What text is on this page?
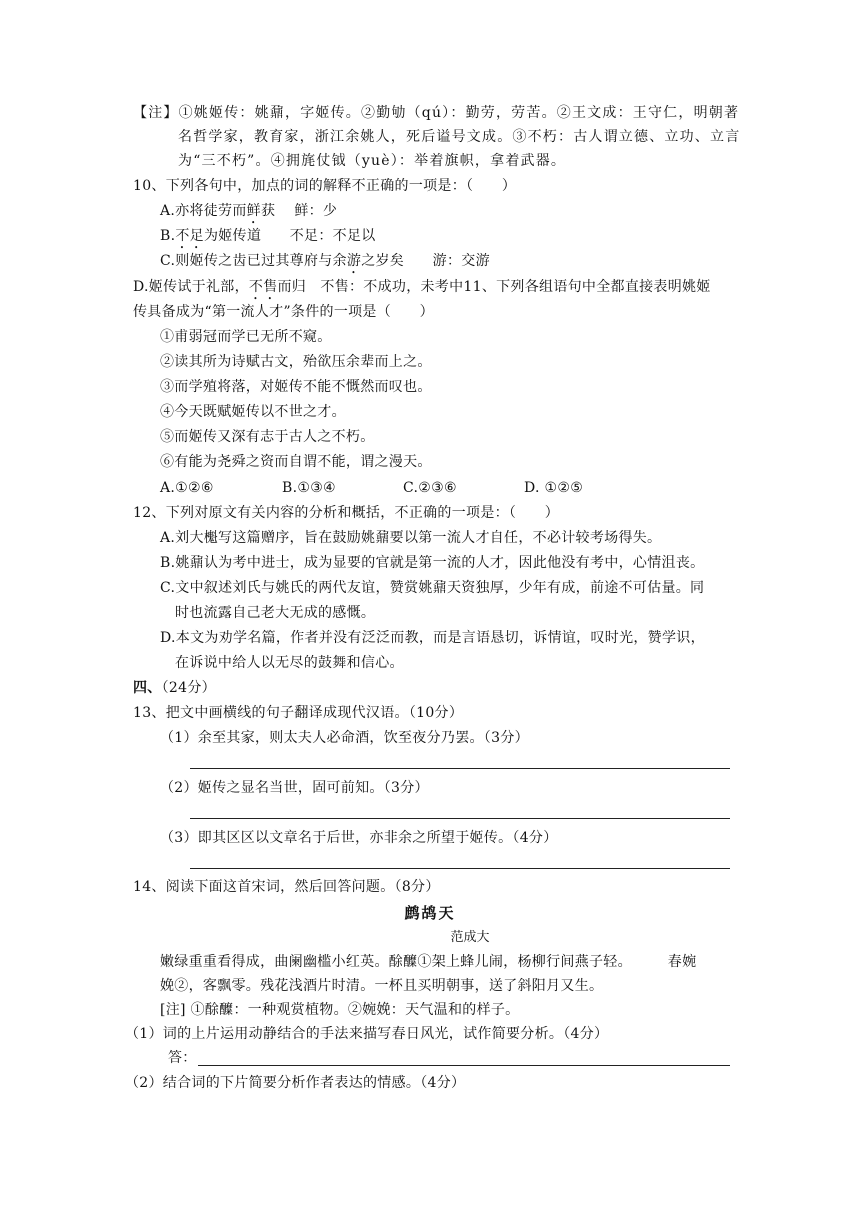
【注】①姚姬传：姚鼐，字姬传。②勤劬（qú）：勤劳，劳苦。②王文成：王守仁，明朝著
名哲学家，教育家，浙江余姚人，死后谥号文成。③不朽：古人谓立德、立功、立言
为“三不朽”。④拥旄仗钺（yuè）：举着旗帜，拿着武器。
10、下列各句中，加点的词的解释不正确的一项是：（　　）
A.亦将徒劳而鲜获　 鲜：少
B.不足为姬传道　　不足：不足以
C.则姬传之齿已过其尊府与余游之岁矣　　游：交游
D.姬传试于礼部，不售而归　不售：不成功，未考中11、下列各组语句中全都直接表明姚姬
传具备成为“第一流人才”条件的一项是（　　）
①甫弱冠而学已无所不窥。
②读其所为诗赋古文，殆欲压余辈而上之。
③而学殖将落，对姬传不能不慨然而叹也。
④今天既赋姬传以不世之才。
⑤而姬传又深有志于古人之不朽。
⑥有能为尧舜之资而自谓不能，谓之漫天。
A.①②⑥	B.①③④	C.②③⑥	D. ①②⑤
12、下列对原文有关内容的分析和概括，不正确的一项是：（　　）
A.刘大櫆写这篇赠序，旨在鼓励姚鼐要以第一流人才自任，不必计较考场得失。
B.姚鼐认为考中进士，成为显要的官就是第一流的人才，因此他没有考中，心情沮丧。
C.文中叙述刘氏与姚氏的两代友谊，赞赏姚鼐天资独厚，少年有成，前途不可估量。同
时也流露自己老大无成的感慨。
D.本文为劝学名篇，作者并没有泛泛而教，而是言语恳切，诉情谊，叹时光，赞学识，
在诉说中给人以无尽的鼓舞和信心。
四、（24分）
13、把文中画横线的句子翻译成现代汉语。（10分）
（1）余至其家，则太夫人必命酒，饮至夜分乃罢。（3分）
（2）姬传之显名当世，固可前知。（3分）
（3）即其区区以文章名于后世，亦非余之所望于姬传。（4分）
14、阅读下面这首宋词，然后回答问题。（8分）
鹧鸪天
范成大
嫩绿重重看得成，曲阑幽槛小红英。酴醾①架上蜂儿闹，杨柳行间燕子轻。　　　春婉
娩②，客飘零。残花浅酒片时清。一杯且买明朝事，送了斜阳月又生。
[注] ①酴醾：一种观赏植物。②婉娩：天气温和的样子。
（1）词的上片运用动静结合的手法来描写春日风光，试作简要分析。（4分）
答：
（2）结合词的下片简要分析作者表达的情感。（4分）
